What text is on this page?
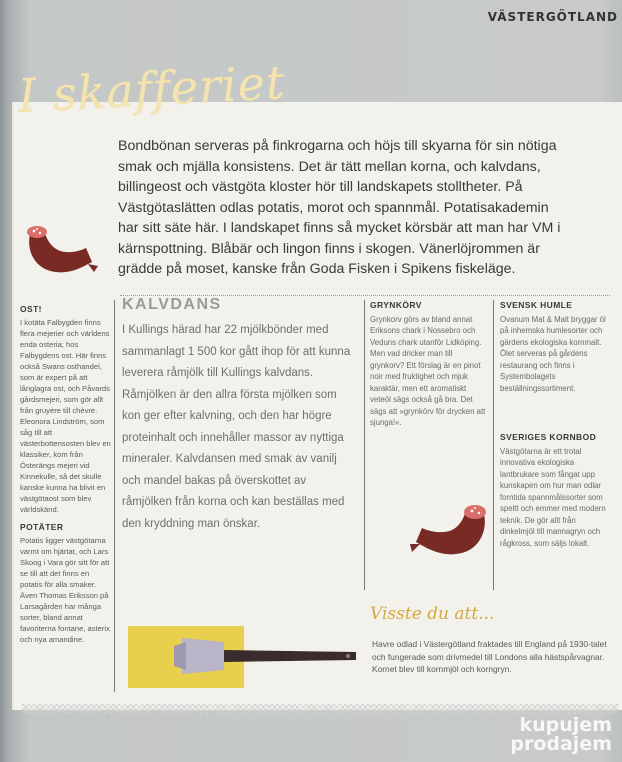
VÄSTERGÖTLAND
I skafferiet

Bondbönan serveras på finkrogarna och höjs till skyarna för sin nötiga smak och mjälla konsistens. Det är tätt mellan korna, och kalvdans, billingeost och västgöta kloster hör till landskapets stolltheter. På Västgötaslätten odlas potatis, morot och spannmål. Potatisakademin har sitt säte här. I landskapet finns så mycket körsbär att man har VM i kärnspottning. Blåbär och lingon finns i skogen. Vänerlöjrommen är grädde på moset, kanske från Goda Fisken i Spikens fiskeläge.

OST!

I kotäta Falbygden finns flera mejerier och världens enda osteria; hos Falbygdens ost. Här finns också Swans osthandel, som är expert på att långlagra ost, och Påvards gårdsmejeri, som gör allt från gruyère till chèvre. Eleonora Lindström, som såg till att västerbottensosten blev en klassiker, kom från Österängs mejeri vid Kinnekulle, så det skulle kanske kunna ha blivit en västgötaost som blev världskänd.

POTÄTER

Potatis ligger västgötarna varmt om hjärtat, och Lars Skoog i Vara gör sitt för att se till att det finns en potatis för alla smaker. Även Thomas Eriksson på Larsagården har många sorter, bland annat favoriterna fontane, asterix och nya amandine.

KALVDANS

I Kullings härad har 22 mjölkbönder med sammanlagt 1 500 kor gått ihop för att kunna leverera råmjölk till Kullings kalvdans. Råmjölken är den allra första mjölken som kon ger efter kalvning, och den har högre proteinhalt och innehåller massor av nyttiga mineraler. Kalvdansen med smak av vanilj och mandel bakas på överskottet av råmjölken från korna och kan beställas med den kryddning man önskar.

GRYNKÖRV

Grynkorv görs av bland annat Eriksons chark i Nossebro och Veduns chark utanför Lidköping. Men vad dricker man till grynkorv? Ett förslag är en pinot noir med fruktighet och mjuk karaktär, men ett aromatiskt veteöl sägs också gå bra. Det sägs att »grynkörv för drycken att sjunga!«.

SVENSK HUMLE

Ovanum Mat & Malt bryggar öl på inhemska humlesorter och gärdens ekologiska kornmalt. Ölet serveras på gårdens restaurang och finns i Systembolagets beställningssortiment.

SVERIGES KORNBOD

Västgötarna är ett trotal innovativa ekologiska lantbrukare som fångat upp kunskapen om hur man odlar forntida spannmålssorter som speltt och emmer med modern teknik. De gör allt från dinkelmjöl till mannagryn och rågkross, som säljs lokalt.

Visste du att...

Havre odlad i Västergötland fraktades till England på 1930-talet och fungerade som drivmedel till Londons alla hästspårvagnar. Kornet blev till kornmjöl och korngryn.

kupujem
prodajem
